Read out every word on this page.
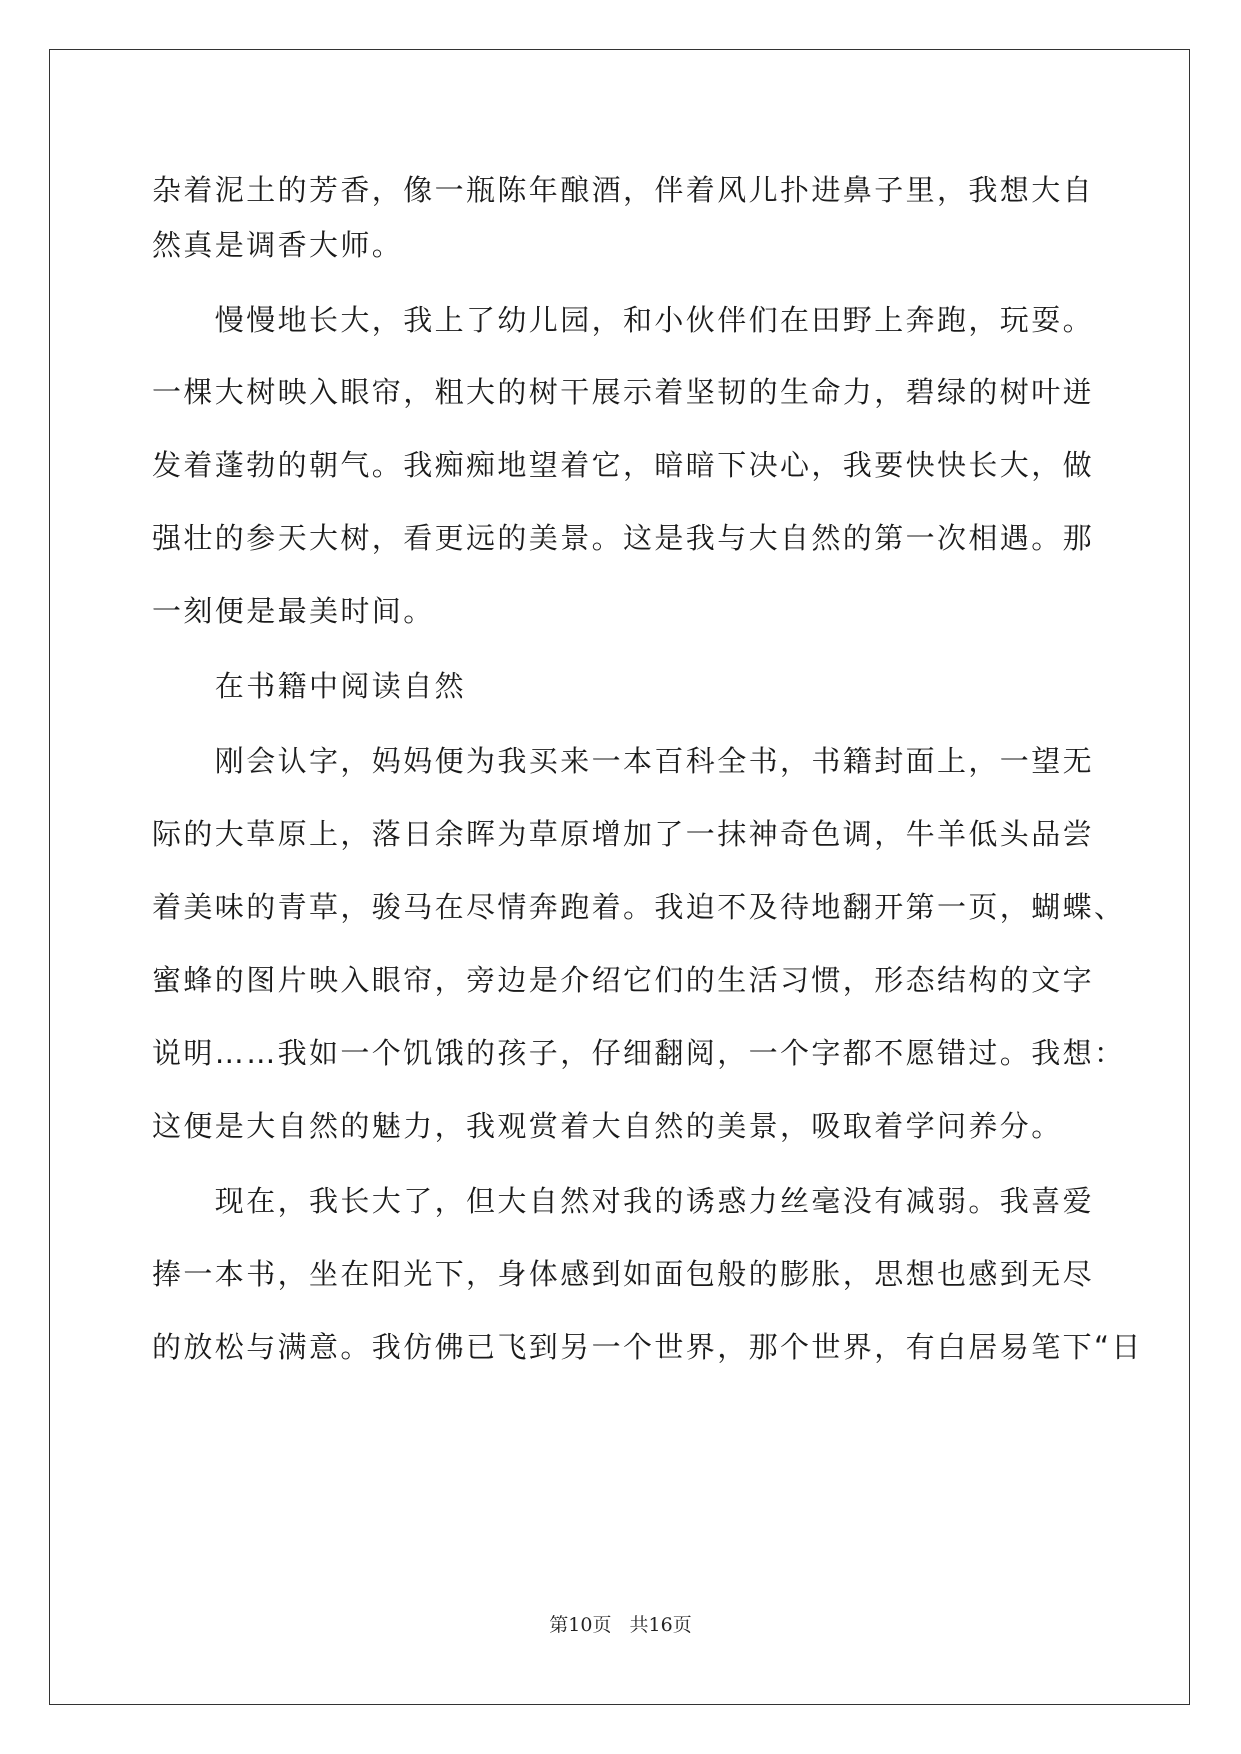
杂着泥土的芳香，像一瓶陈年酿酒，伴着风儿扑进鼻子里，我想大自

然真是调香大师。

　　慢慢地长大，我上了幼儿园，和小伙伴们在田野上奔跑，玩耍。

一棵大树映入眼帘，粗大的树干展示着坚韧的生命力，碧绿的树叶迸

发着蓬勃的朝气。我痴痴地望着它，暗暗下决心，我要快快长大，做

强壮的参天大树，看更远的美景。这是我与大自然的第一次相遇。那

一刻便是最美时间。

　　在书籍中阅读自然

　　刚会认字，妈妈便为我买来一本百科全书，书籍封面上，一望无

际的大草原上，落日余晖为草原增加了一抹神奇色调，牛羊低头品尝

着美味的青草，骏马在尽情奔跑着。我迫不及待地翻开第一页，蝴蝶、

蜜蜂的图片映入眼帘，旁边是介绍它们的生活习惯，形态结构的文字

说明……我如一个饥饿的孩子，仔细翻阅，一个字都不愿错过。我想：

这便是大自然的魅力，我观赏着大自然的美景，吸取着学问养分。

　　现在，我长大了，但大自然对我的诱惑力丝毫没有减弱。我喜爱

捧一本书，坐在阳光下，身体感到如面包般的膨胀，思想也感到无尽

的放松与满意。我仿佛已飞到另一个世界，那个世界，有白居易笔下“日

第10页 共16页
